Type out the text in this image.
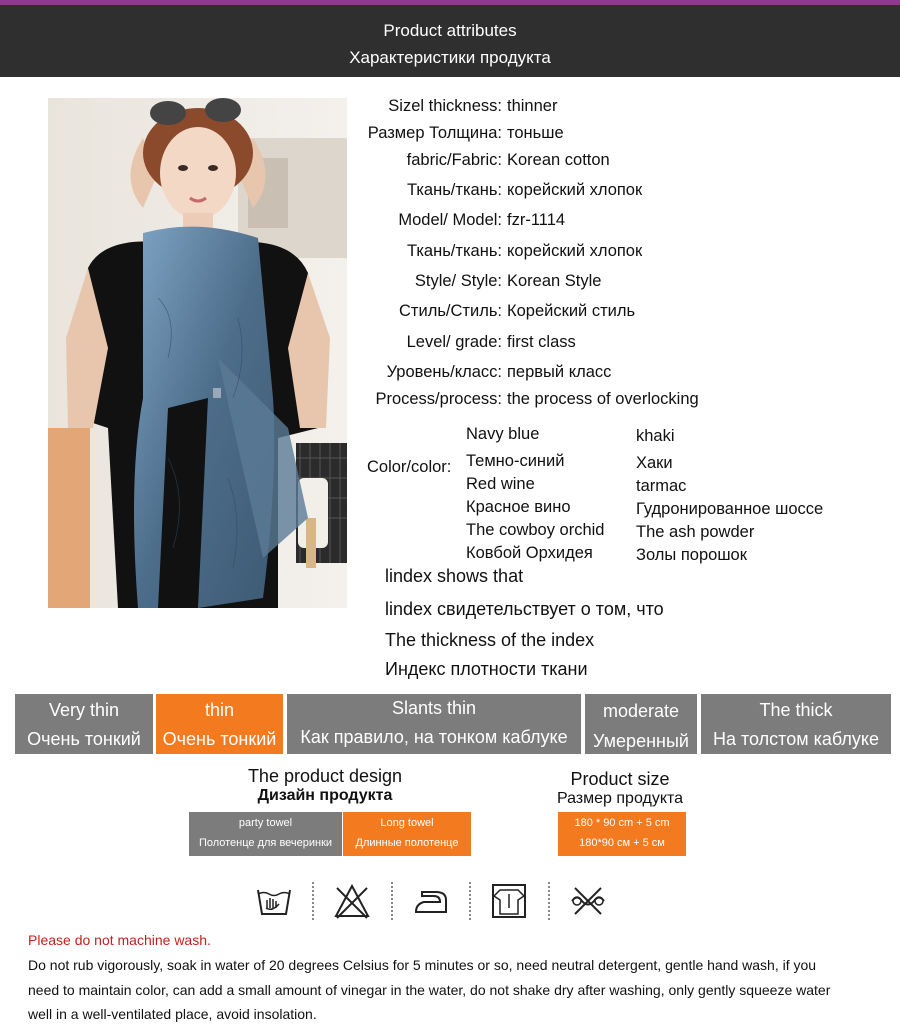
Product attributes
Характеристики продукта
Sizel thickness: thinner
Размер Толщина: тоньше
fabric/Fabric: Korean cotton
Ткань/ткань: корейский хлопок
Model/ Model: fzr-1114
Ткань/ткань: корейский хлопок
Style/ Style: Korean Style
Стиль/Стиль: Корейский стиль
Level/ grade: first class
Уровень/класс: первый класс
Process/process: the process of overlocking
Color/color:
Navy blue
Темно-синий
Red wine
Красное вино
The cowboy orchid
Ковбой Орхидея
khaki
Хаки
tarmac
Гудронированное шоссе
The ash powder
Золы порошок
lindex shows that
lindex свидетельствует о том, что
The thickness of the index
Индекс плотности ткани
Very thin
Очень тонкий
thin
Очень тонкий
Slants thin
Как правило, на тонком каблуке
moderate
Умеренный
The thick
На толстом каблуке
The product design
Дизайн продукта
party towel
Полотенце для вечеринки
Long towel
Длинные полотенце
Product size
Размер продукта
180 * 90 cm + 5 cm
180*90 см + 5 см
Please do not machine wash.
Do not rub vigorously, soak in water of 20 degrees Celsius for 5 minutes or so, need neutral detergent, gentle hand wash, if you
need to maintain color, can add a small amount of vinegar in the water, do not shake dry after washing, only gently squeeze water
well in a well-ventilated place, avoid insolation.
